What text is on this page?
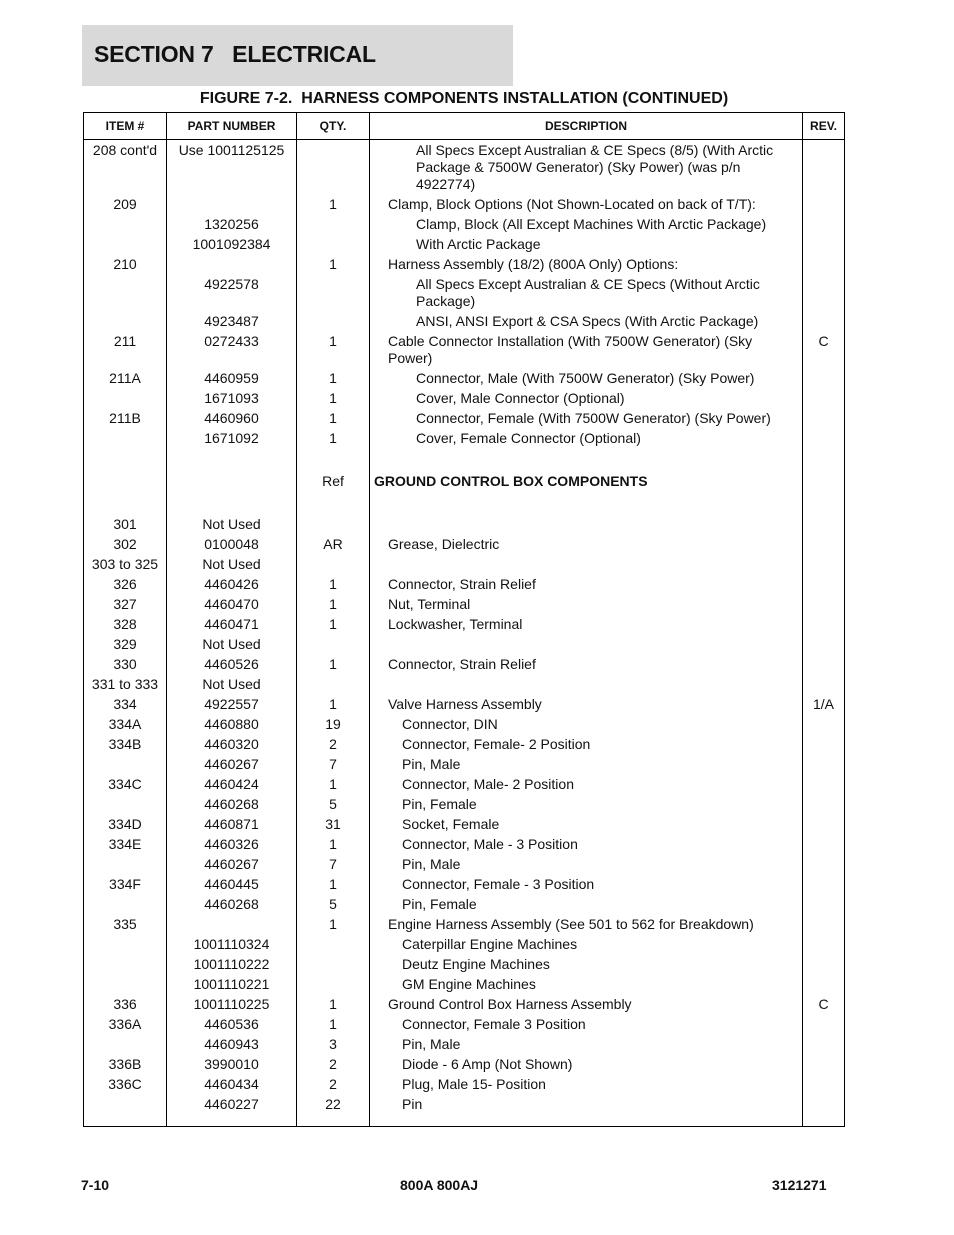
SECTION 7   ELECTRICAL
FIGURE 7-2.  HARNESS COMPONENTS INSTALLATION (CONTINUED)
ITEM #	PART NUMBER	QTY.	DESCRIPTION	REV.
208 cont'd	Use 1001125125		All Specs Except Australian & CE Specs (8/5) (With Arctic Package & 7500W Generator) (Sky Power) (was p/n 4922774)	
209		1	Clamp, Block Options (Not Shown-Located on back of T/T):	
	1320256		Clamp, Block (All Except Machines With Arctic Package)	
	1001092384		With Arctic Package	
210		1	Harness Assembly (18/2) (800A Only) Options:	
	4922578		All Specs Except Australian & CE Specs (Without Arctic Package)	
	4923487		ANSI, ANSI Export & CSA Specs (With Arctic Package)	
211	0272433	1	Cable Connector Installation (With 7500W Generator) (Sky Power)	C
211A	4460959	1	Connector, Male (With 7500W Generator) (Sky Power)	
	1671093	1	Cover, Male Connector (Optional)	
211B	4460960	1	Connector, Female (With 7500W Generator) (Sky Power)	
	1671092	1	Cover, Female Connector (Optional)	

		Ref	GROUND CONTROL BOX COMPONENTS	

301	Not Used			
302	0100048	AR	Grease, Dielectric	
303 to 325	Not Used			
326	4460426	1	Connector, Strain Relief	
327	4460470	1	Nut, Terminal	
328	4460471	1	Lockwasher, Terminal	
329	Not Used			
330	4460526	1	Connector, Strain Relief	
331 to 333	Not Used			
334	4922557	1	Valve Harness Assembly	1/A
334A	4460880	19	Connector, DIN	
334B	4460320	2	Connector, Female- 2 Position	
	4460267	7	Pin, Male	
334C	4460424	1	Connector, Male- 2 Position	
	4460268	5	Pin, Female	
334D	4460871	31	Socket, Female	
334E	4460326	1	Connector, Male - 3 Position	
	4460267	7	Pin, Male	
334F	4460445	1	Connector, Female - 3 Position	
	4460268	5	Pin, Female	
335		1	Engine Harness Assembly (See 501 to 562 for Breakdown)	
	1001110324		Caterpillar Engine Machines	
	1001110222		Deutz Engine Machines	
	1001110221		GM Engine Machines	
336	1001110225	1	Ground Control Box Harness Assembly	C
336A	4460536	1	Connector, Female 3 Position	
	4460943	3	Pin, Male	
336B	3990010	2	Diode - 6 Amp (Not Shown)	
336C	4460434	2	Plug, Male 15- Position	
	4460227	22	Pin	
7-10	800A 800AJ	3121271
